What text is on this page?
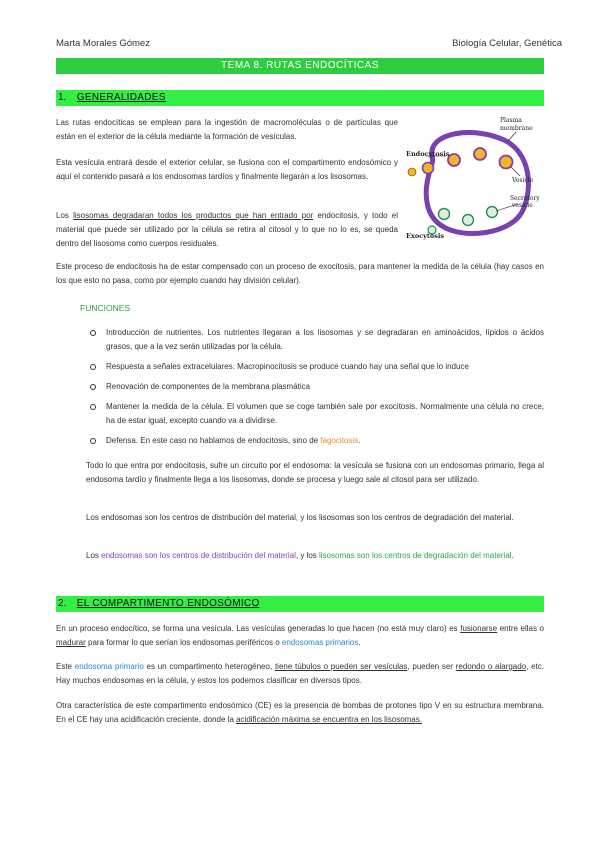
Marta Morales Gómez	Biología Celular, Genética
TEMA 8. RUTAS ENDOCÍTICAS
1. GENERALIDADES
Las rutas endocíticas se emplean para la ingestión de macromoléculas o de partículas que están en el exterior de la célula mediante la formación de vesículas.
Esta vesícula entrará desde el exterior celular, se fusiona con el compartimento endosómico y aquí el contenido pasará a los endosomas tardíos y finalmente llegarán a los lisosomas.
Los lisosomas degradaran todos los productos que han entrado por endocitosis, y todo el material que puede ser utilizado por la célula se retira al citosol y lo que no lo es, se queda dentro del lisosoma como cuerpos residuales.
Plasma
membrane
Endocytosis
Vesicle
Secretory
vesicle
Exocytosis
Este proceso de endocitosis ha de estar compensado con un proceso de exocitosis, para mantener la medida de la célula (hay casos en los que esto no pasa, como por ejemplo cuando hay división celular).
FUNCIONES
Introducción de nutrientes. Los nutrientes llegaran a los lisosomas y se degradaran en aminoácidos, lípidos o ácidos grasos, que a la vez serán utilizadas por la célula.
Respuesta a señales extracelulares. Macropinocitosis se produce cuando hay una señal que lo induce
Renovación de componentes de la membrana plasmática
Mantener la medida de la célula. El volumen que se coge también sale por exocitosis. Normalmente una célula no crece, ha de estar igual, excepto cuando va a dividirse.
Defensa. En este caso no hablamos de endocitosis, sino de fagocitosis.
Todo lo que entra por endocitosis, sufre un circuito por el endosoma: la vesícula se fusiona con un endosomas primario, llega al endosoma tardío y finalmente llega a los lisosomas, donde se procesa y luego sale al citosol para ser utilizado.
Los endosomas son los centros de distribución del material, y los lisosomas son los centros de degradación del material.
Los endosomas son los centros de distribución del material, y los lisosomas son los centros de degradación del material.
2. EL COMPARTIMENTO ENDOSÓMICO
En un proceso endocítico, se forma una vesícula. Las vesículas generadas lo que hacen (no está muy claro) es fusionarse entre ellas o madurar para formar lo que serían los endosomas periféricos o endosomas primarios.
Este endosoma primario es un compartimento heterogéneo, tiene túbulos o pueden ser vesículas, pueden ser redondo o alargado, etc. Hay muchos endosomas en la célula, y estos los podemos clasificar en diversos tipos.
Otra característica de este compartimento endosómico (CE) es la presencia de bombas de protones tipo V en su estructura membrana. En el CE hay una acidificación creciente, donde la acidificación máxima se encuentra en los lisosomas.
